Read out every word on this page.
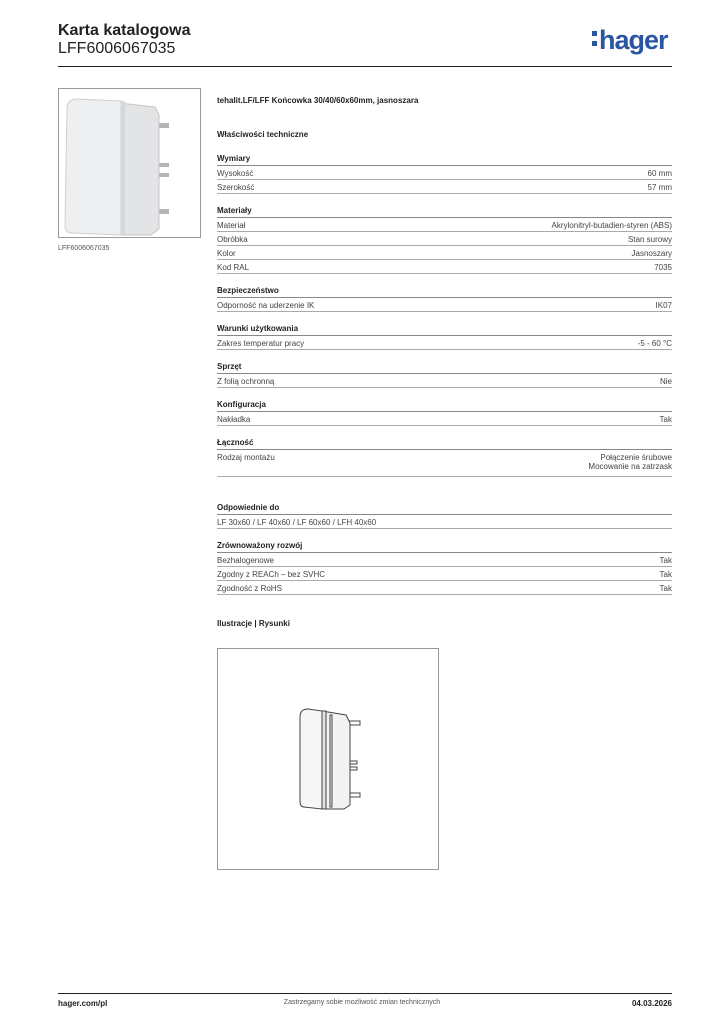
Karta katalogowa
LFF6006067035	hager
LFF6006067035
tehalit.LF/LFF Końcowka 30/40/60x60mm, jasnoszara
Właściwości techniczne
Wymiary
Wysokość	60 mm
Szerokość	57 mm
Materiały
Materiał	Akrylonitryl-butadien-styren (ABS)
Obróbka	Stan surowy
Kolor	Jasnoszary
Kod RAL	7035
Bezpieczeństwo
Odporność na uderzenie IK	IK07
Warunki użytkowania
Zakres temperatur pracy	-5 - 60 °C
Sprzęt
Z folią ochronną	Nie
Konfiguracja
Nakładka	Tak
Łączność
Rodzaj montażu	Połączenie śrubowe
Mocowanie na zatrzask
Odpowiednie do
LF 30x60 / LF 40x60 / LF 60x60 / LFH 40x60
Zrównoważony rozwój
Bezhalogenowe	Tak
Zgodny z REACh – bez SVHC	Tak
Zgodność z RoHS	Tak
Ilustracje | Rysunki
hager.com/pl	Zastrzegamy sobie możliwość zmian technicznych	04.03.2026
